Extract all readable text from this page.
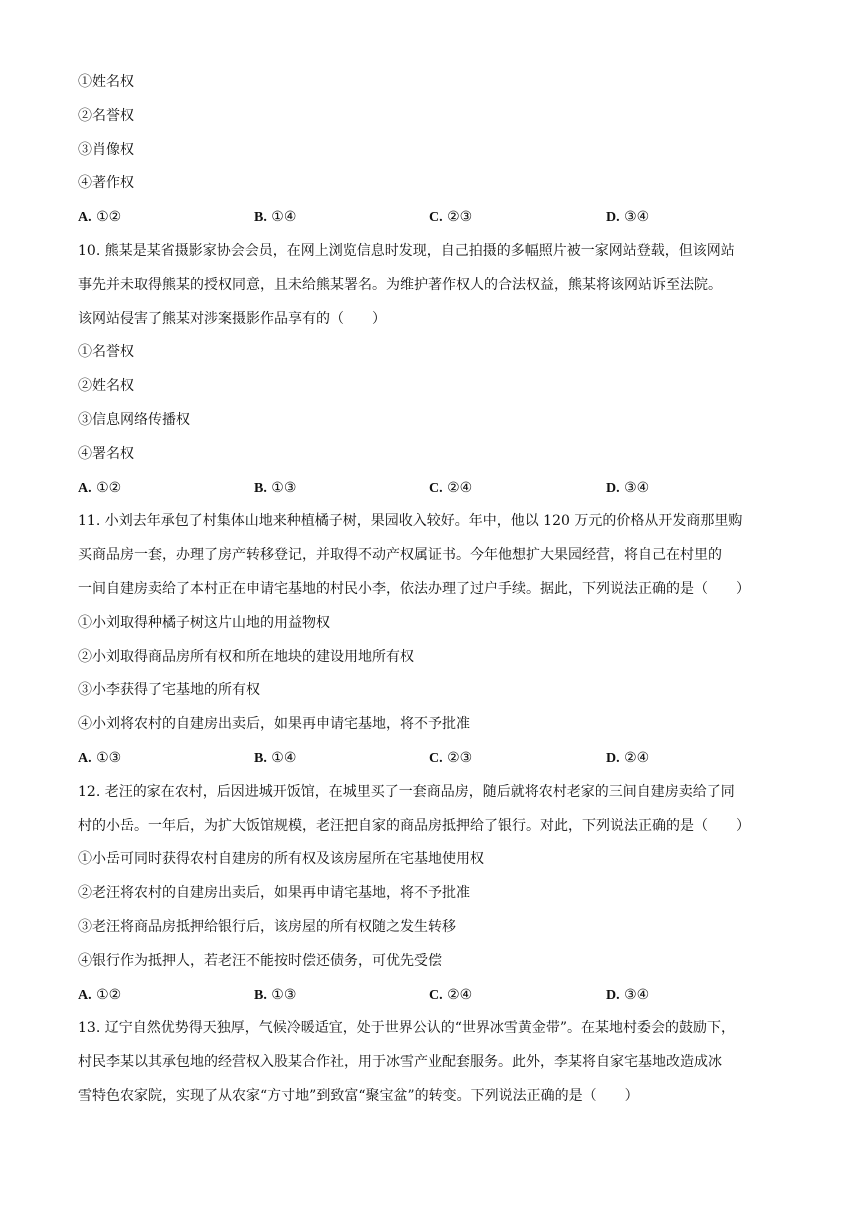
①姓名权
②名誉权
③肖像权
④著作权
A. ①②	B. ①④	C. ②③	D. ③④
10. 熊某是某省摄影家协会会员，在网上浏览信息时发现，自己拍摄的多幅照片被一家网站登载，但该网站
事先并未取得熊某的授权同意，且未给熊某署名。为维护著作权人的合法权益，熊某将该网站诉至法院。
该网站侵害了熊某对涉案摄影作品享有的（　　）
①名誉权
②姓名权
③信息网络传播权
④署名权
A. ①②	B. ①③	C. ②④	D. ③④
11. 小刘去年承包了村集体山地来种植橘子树，果园收入较好。年中，他以 120 万元的价格从开发商那里购
买商品房一套，办理了房产转移登记，并取得不动产权属证书。今年他想扩大果园经营，将自己在村里的
一间自建房卖给了本村正在申请宅基地的村民小李，依法办理了过户手续。据此，下列说法正确的是（　　）
①小刘取得种橘子树这片山地的用益物权
②小刘取得商品房所有权和所在地块的建设用地所有权
③小李获得了宅基地的所有权
④小刘将农村的自建房出卖后，如果再申请宅基地，将不予批准
A. ①③	B. ①④	C. ②③	D. ②④
12. 老汪的家在农村，后因进城开饭馆，在城里买了一套商品房，随后就将农村老家的三间自建房卖给了同
村的小岳。一年后，为扩大饭馆规模，老汪把自家的商品房抵押给了银行。对此，下列说法正确的是（　　）
①小岳可同时获得农村自建房的所有权及该房屋所在宅基地使用权
②老汪将农村的自建房出卖后，如果再申请宅基地，将不予批准
③老汪将商品房抵押给银行后，该房屋的所有权随之发生转移
④银行作为抵押人，若老汪不能按时偿还债务，可优先受偿
A. ①②	B. ①③	C. ②④	D. ③④
13. 辽宁自然优势得天独厚，气候冷暖适宜，处于世界公认的“世界冰雪黄金带”。在某地村委会的鼓励下，
村民李某以其承包地的经营权入股某合作社，用于冰雪产业配套服务。此外，李某将自家宅基地改造成冰
雪特色农家院，实现了从农家“方寸地”到致富“聚宝盆”的转变。下列说法正确的是（　　）
